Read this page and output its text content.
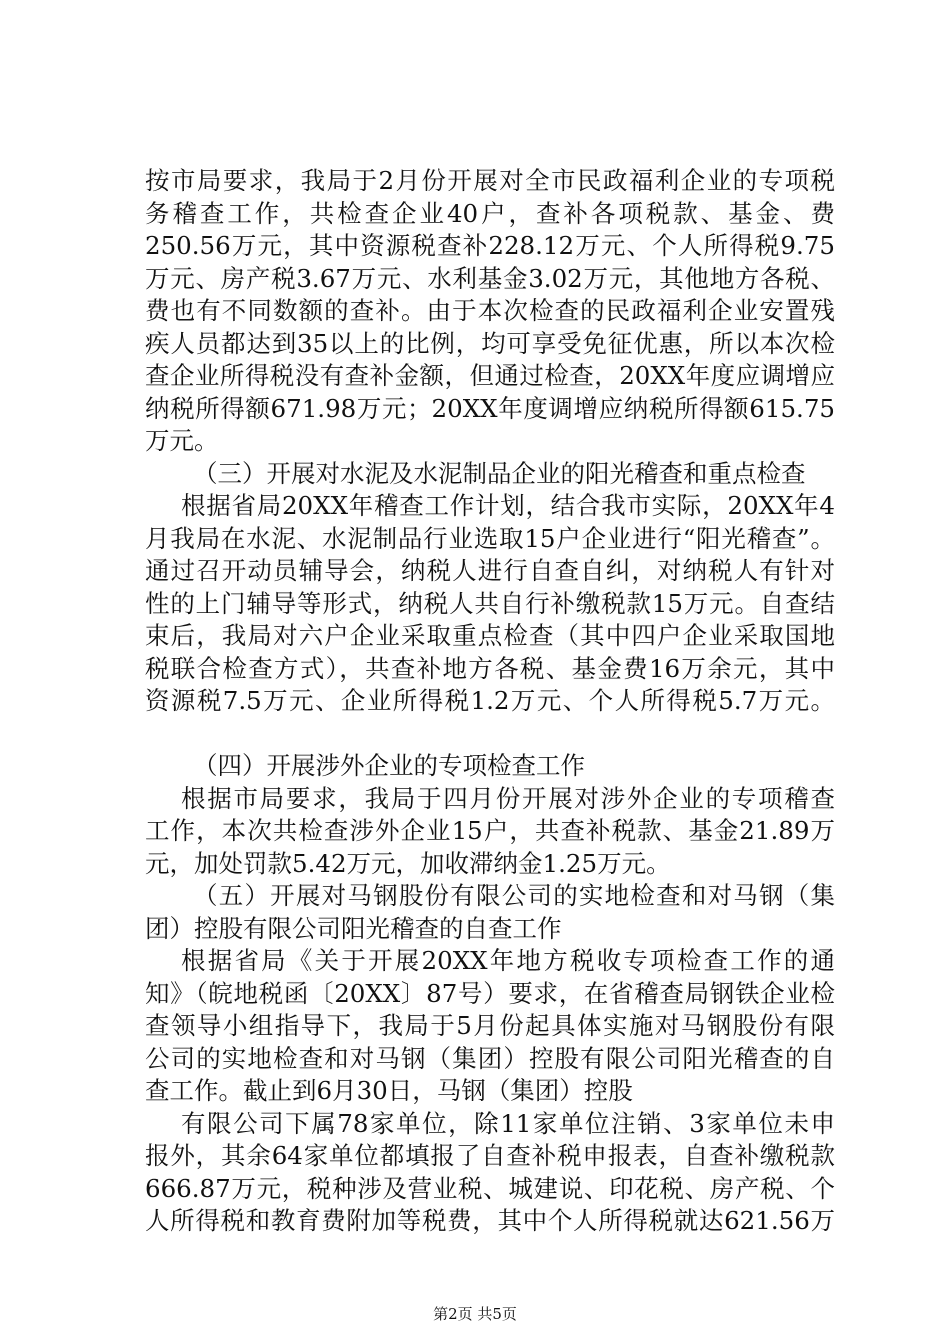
按市局要求，我局于2月份开展对全市民政福利企业的专项税
务稽查工作，共检查企业40户，查补各项税款、基金、费
250.56万元，其中资源税查补228.12万元、个人所得税9.75
万元、房产税3.67万元、水利基金3.02万元，其他地方各税、
费也有不同数额的查补。由于本次检查的民政福利企业安置残
疾人员都达到35以上的比例，均可享受免征优惠，所以本次检
查企业所得税没有查补金额，但通过检查，20XX年度应调增应
纳税所得额671.98万元；20XX年度调增应纳税所得额615.75
万元。
（三）开展对水泥及水泥制品企业的阳光稽查和重点检查
根据省局20XX年稽查工作计划，结合我市实际，20XX年4
月我局在水泥、水泥制品行业选取15户企业进行“阳光稽查”。
通过召开动员辅导会，纳税人进行自查自纠，对纳税人有针对
性的上门辅导等形式，纳税人共自行补缴税款15万元。自查结
束后，我局对六户企业采取重点检查（其中四户企业采取国地
税联合检查方式），共查补地方各税、基金费16万余元，其中
资源税7.5万元、企业所得税1.2万元、个人所得税5.7万元。
（四）开展涉外企业的专项检查工作
根据市局要求，我局于四月份开展对涉外企业的专项稽查
工作，本次共检查涉外企业15户，共查补税款、基金21.89万
元，加处罚款5.42万元，加收滞纳金1.25万元。
（五）开展对马钢股份有限公司的实地检查和对马钢（集
团）控股有限公司阳光稽查的自查工作
根据省局《关于开展20XX年地方税收专项检查工作的通
知》（皖地税函〔20XX〕87号）要求，在省稽查局钢铁企业检
查领导小组指导下，我局于5月份起具体实施对马钢股份有限
公司的实地检查和对马钢（集团）控股有限公司阳光稽查的自
查工作。截止到6月30日，马钢（集团）控股
有限公司下属78家单位，除11家单位注销、3家单位未申
报外，其余64家单位都填报了自查补税申报表，自查补缴税款
666.87万元，税种涉及营业税、城建说、印花税、房产税、个
人所得税和教育费附加等税费，其中个人所得税就达621.56万
第2页 共5页
